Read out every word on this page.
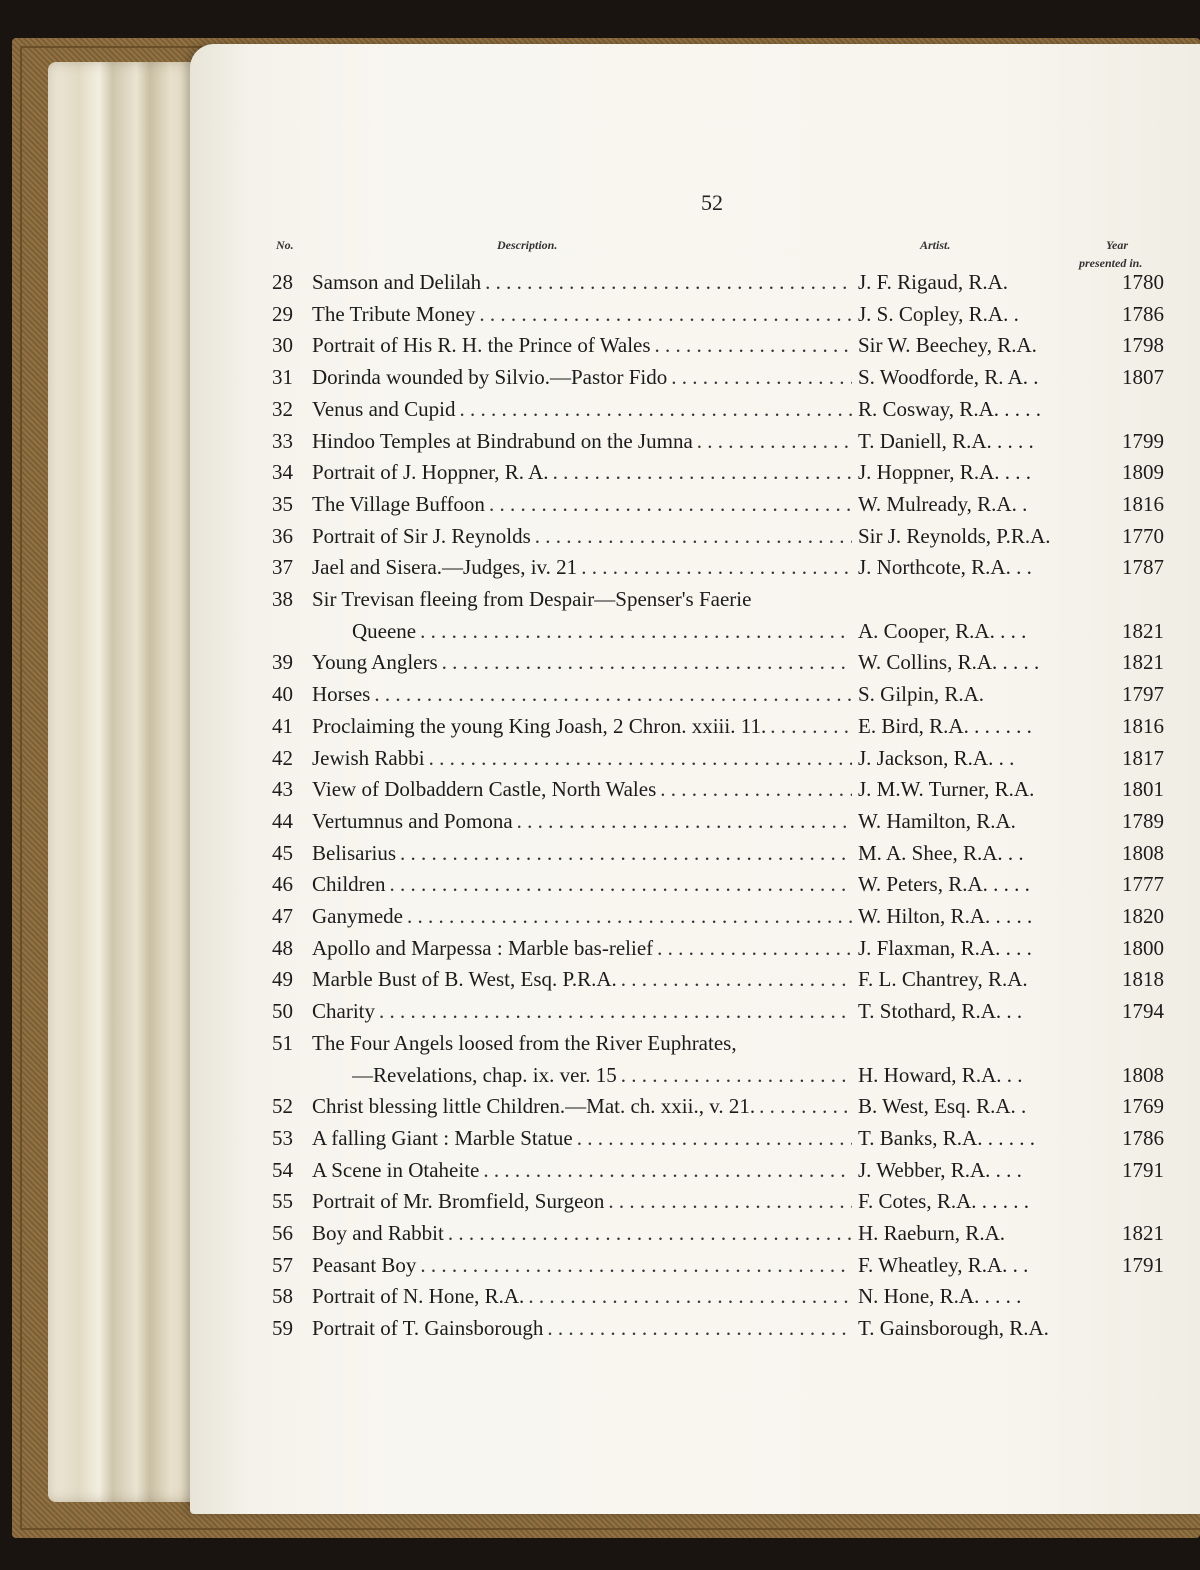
52
No.	Description.	Artist.	Year
presented in.
28 Samson and Delilah . . .	J. F. Rigaud, R.A.	1780
29 The Tribute Money . . .	J. S. Copley, R.A. .	1786
30 Portrait of His R. H. the Prince of Wales . . .	Sir W. Beechey, R.A.	1798
31 Dorinda wounded by Silvio.—Pastor Fido . . .	S. Woodforde, R. A. .	1807
32 Venus and Cupid . . .	R. Cosway, R.A. . . . .
33 Hindoo Temples at Bindrabund on the Jumna . . .	T. Daniell, R.A. . . . .	1799
34 Portrait of J. Hoppner, R. A. . . .	J. Hoppner, R.A. . . .	1809
35 The Village Buffoon . . .	W. Mulready, R.A. .	1816
36 Portrait of Sir J. Reynolds . . .	Sir J. Reynolds, P.R.A.	1770
37 Jael and Sisera.—Judges, iv. 21 . . .	J. Northcote, R.A. . .	1787
38 Sir Trevisan fleeing from Despair—Spenser's Faerie
Queene . . .	A. Cooper, R.A. . . .	1821
39 Young Anglers . . .	W. Collins, R.A. . . . .	1821
40 Horses . . .	S. Gilpin, R.A.	1797
41 Proclaiming the young King Joash, 2 Chron. xxiii. 11. . . .	E. Bird, R.A. . . . . . .	1816
42 Jewish Rabbi . . .	J. Jackson, R.A. . .	1817
43 View of Dolbaddern Castle, North Wales . . .	J. M.W. Turner, R.A.	1801
44 Vertumnus and Pomona . . .	W. Hamilton, R.A.	1789
45 Belisarius . . .	M. A. Shee, R.A. . .	1808
46 Children . . .	W. Peters, R.A. . . . .	1777
47 Ganymede . . .	W. Hilton, R.A. . . . .	1820
48 Apollo and Marpessa : Marble bas-relief . . .	J. Flaxman, R.A. . . .	1800
49 Marble Bust of B. West, Esq. P.R.A. . . .	F. L. Chantrey, R.A.	1818
50 Charity . . .	T. Stothard, R.A. . .	1794
51 The Four Angels loosed from the River Euphrates,
—Revelations, chap. ix. ver. 15 . . .	H. Howard, R.A. . .	1808
52 Christ blessing little Children.—Mat. ch. xxii., v. 21. . . .	B. West, Esq. R.A. .	1769
53 A falling Giant : Marble Statue . . .	T. Banks, R.A. . . . . .	1786
54 A Scene in Otaheite . . .	J. Webber, R.A. . . .	1791
55 Portrait of Mr. Bromfield, Surgeon . . .	F. Cotes, R.A. . . . . .
56 Boy and Rabbit . . .	H. Raeburn, R.A.	1821
57 Peasant Boy . . .	F. Wheatley, R.A. . .	1791
58 Portrait of N. Hone, R.A. . . .	N. Hone, R.A. . . . .
59 Portrait of T. Gainsborough . . .	T. Gainsborough, R.A.
